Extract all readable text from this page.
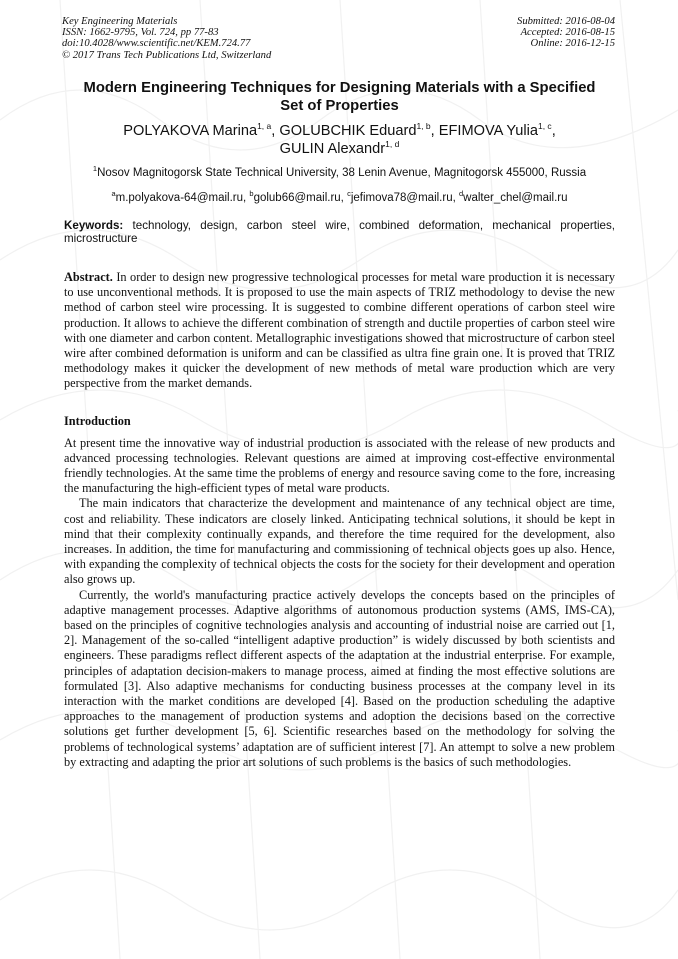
Key Engineering Materials
ISSN: 1662-9795, Vol. 724, pp 77-83
doi:10.4028/www.scientific.net/KEM.724.77
© 2017 Trans Tech Publications Ltd, Switzerland
Submitted: 2016-08-04
Accepted: 2016-08-15
Online: 2016-12-15
Modern Engineering Techniques for Designing Materials with a Specified Set of Properties
POLYAKOVA Marina$^{1, a}$, GOLUBCHIK Eduard$^{1, b}$, EFIMOVA Yulia$^{1, c}$,
GULIN Alexandr$^{1, d}$
$^1$Nosov Magnitogorsk State Technical University, 38 Lenin Avenue, Magnitogorsk 455000, Russia
$^a$m.polyakova-64@mail.ru, $^b$golub66@mail.ru, $^c$jefimova78@mail.ru, $^d$walter_chel@mail.ru
Keywords: technology, design, carbon steel wire, combined deformation, mechanical properties, microstructure
Abstract. In order to design new progressive technological processes for metal ware production it is necessary to use unconventional methods. It is proposed to use the main aspects of TRIZ methodology to devise the new method of carbon steel wire processing. It is suggested to combine different operations of carbon steel wire production. It allows to achieve the different combination of strength and ductile properties of carbon steel wire with one diameter and carbon content. Metallographic investigations showed that microstructure of carbon steel wire after combined deformation is uniform and can be classified as ultra fine grain one. It is proved that TRIZ methodology makes it quicker the development of new methods of metal ware production which are very perspective from the market demands.
Introduction

At present time the innovative way of industrial production is associated with the release of new products and advanced processing technologies. Relevant questions are aimed at improving cost-effective environmental friendly technologies. At the same time the problems of energy and resource saving come to the fore, increasing the manufacturing the high-efficient types of metal ware products.

The main indicators that characterize the development and maintenance of any technical object are time, cost and reliability. These indicators are closely linked. Anticipating technical solutions, it should be kept in mind that their complexity continually expands, and therefore the time required for the development, also increases. In addition, the time for manufacturing and commissioning of technical objects goes up also. Hence, with expanding the complexity of technical objects the costs for the society for their development and operation also grows up.

Currently, the world's manufacturing practice actively develops the concepts based on the principles of adaptive management processes. Adaptive algorithms of autonomous production systems (AMS, IMS-CA), based on the principles of cognitive technologies analysis and accounting of industrial noise are carried out [1, 2]. Management of the so-called “intelligent adaptive production” is widely discussed by both scientists and engineers. These paradigms reflect different aspects of the adaptation at the industrial enterprise. For example, principles of adaptation decision-makers to manage process, aimed at finding the most effective solutions are formulated [3]. Also adaptive mechanisms for conducting business processes at the company level in its interaction with the market conditions are developed [4]. Based on the production scheduling the adaptive approaches to the management of production systems and adoption the decisions based on the corrective solutions get further development [5, 6]. Scientific researches based on the methodology for solving the problems of technological systems’ adaptation are of sufficient interest [7]. An attempt to solve a new problem by extracting and adapting the prior art solutions of such problems is the basics of such methodologies.
